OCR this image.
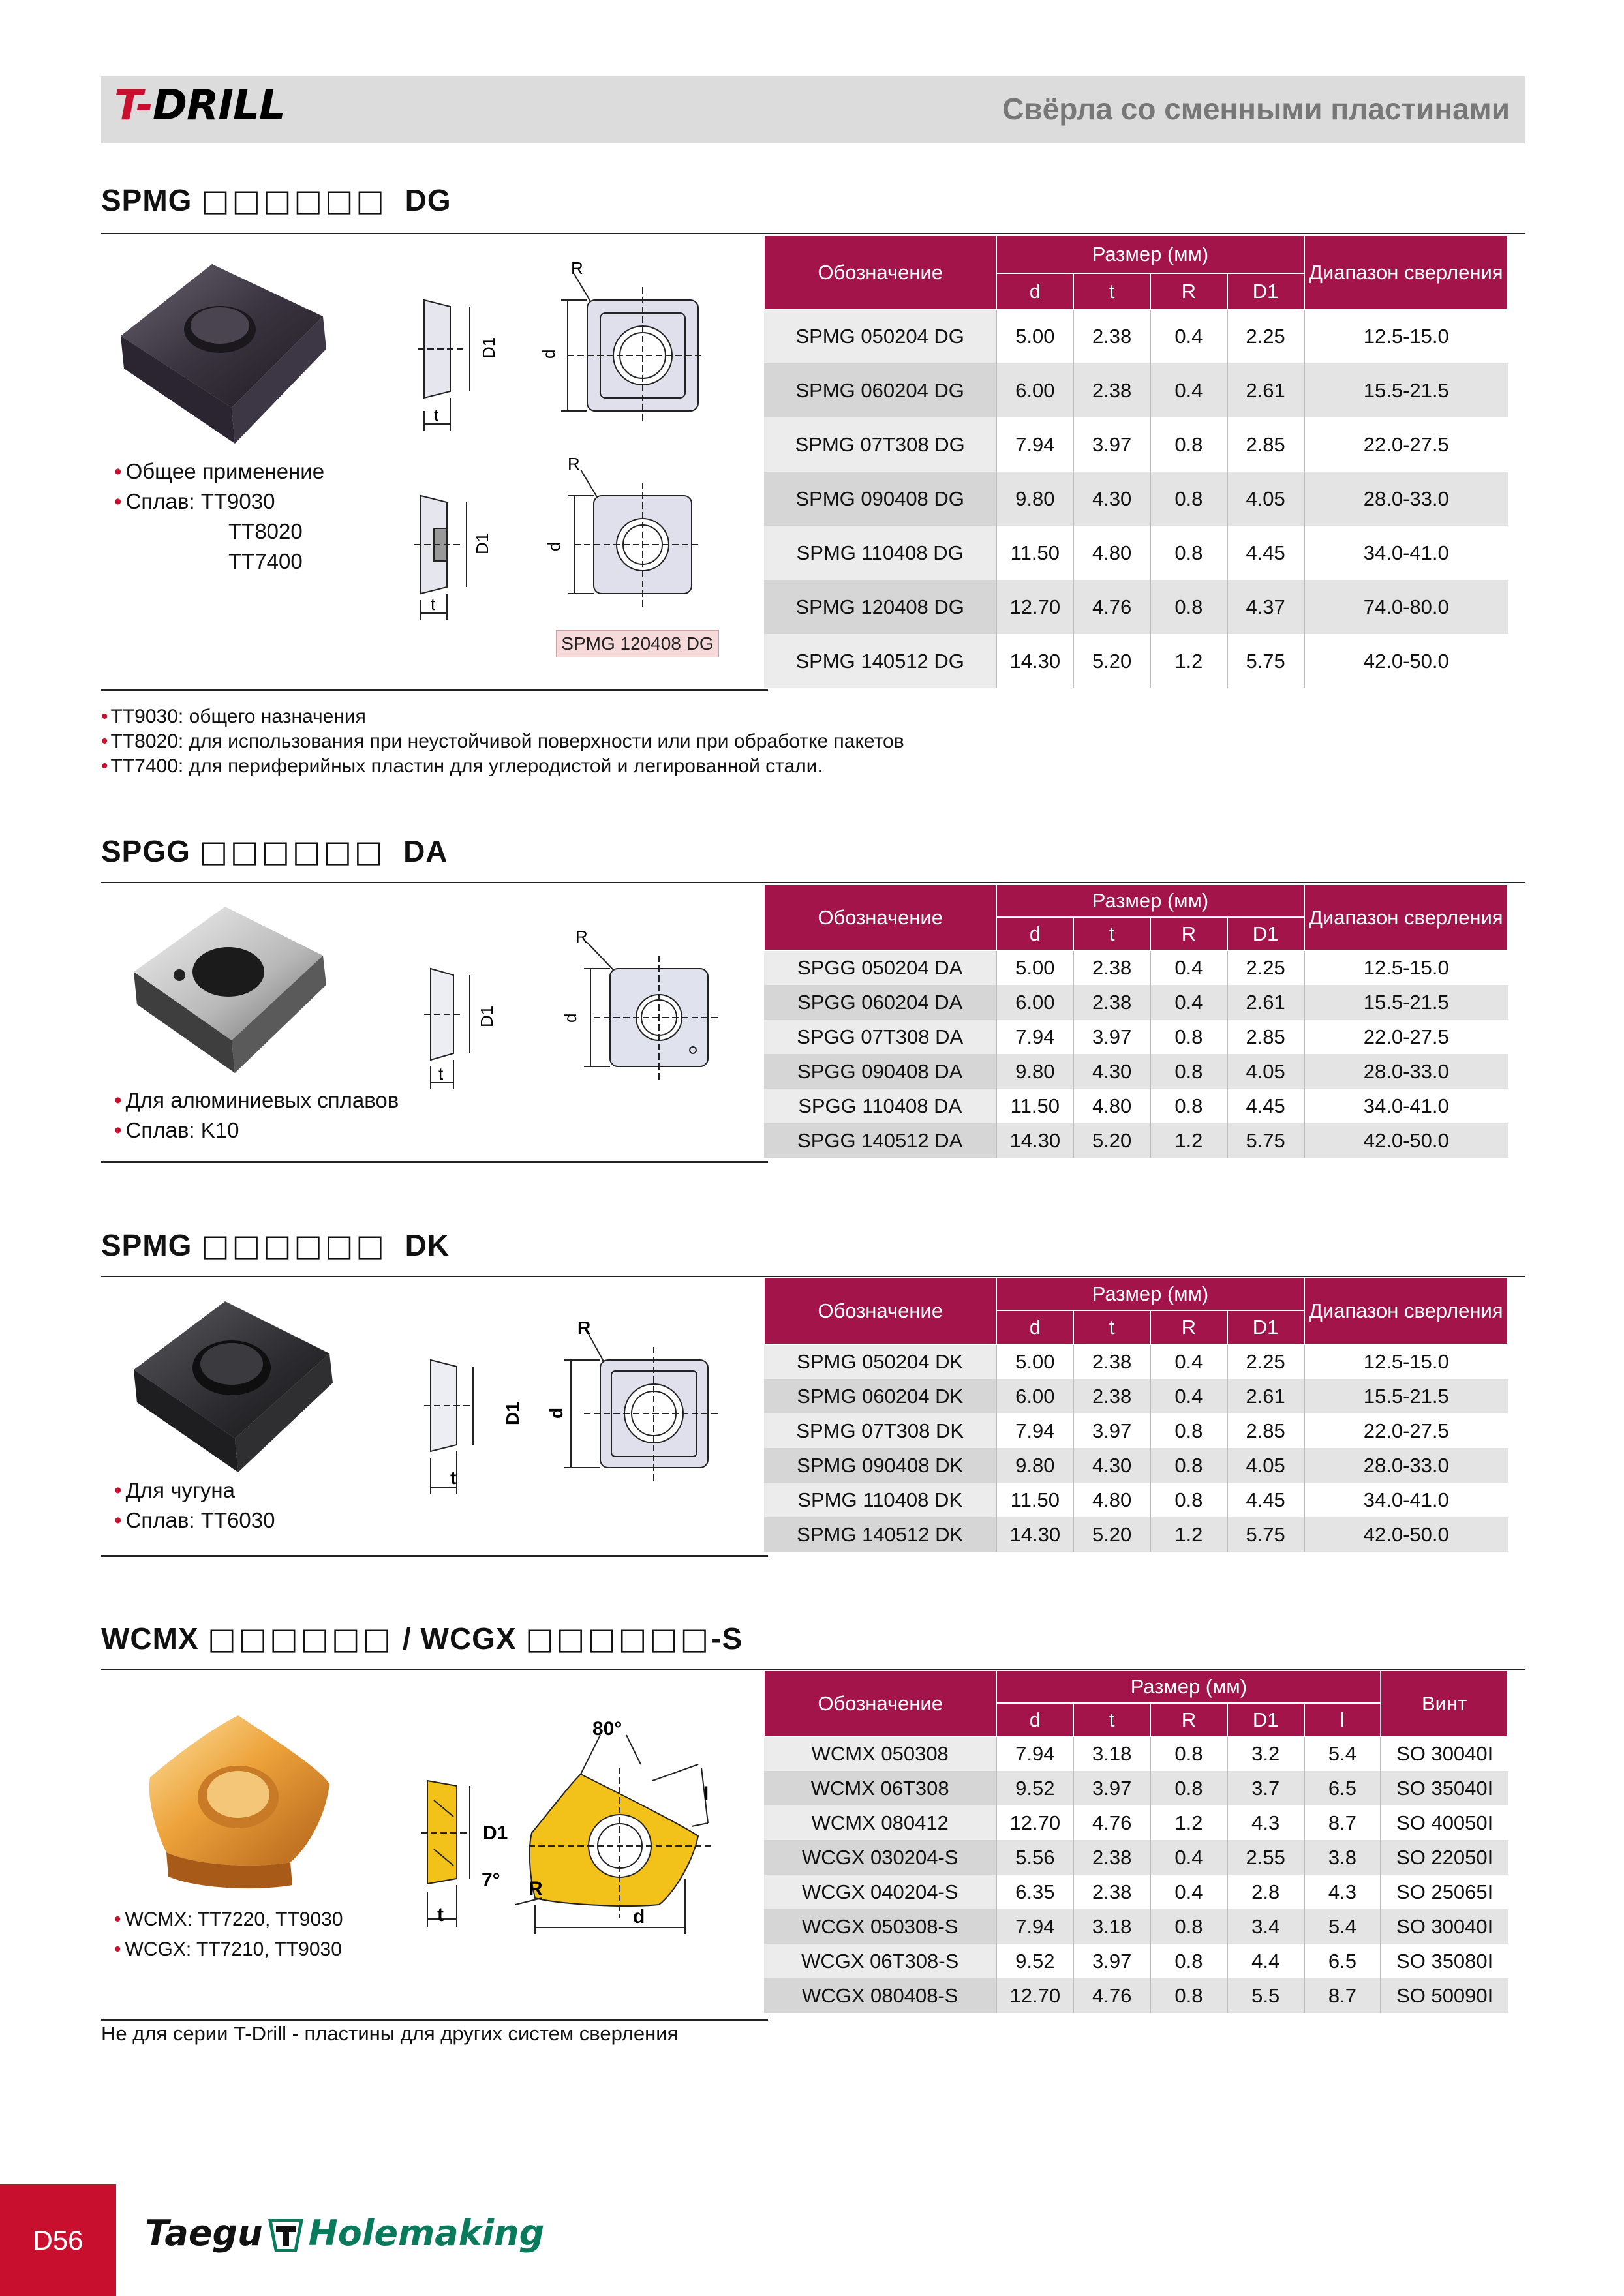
T-DRILL	Свёрла со сменными пластинами
SPMG □□□□□□ DG
R
d
D1
t
R
d
D1
t
SPMG 120408 DG
• Общее применение
• Сплав: TT9030
TT8020
TT7400
Обозначение	Размер (мм)				Диапазон сверления
	d	t	R	D1	
SPMG 050204 DG	5.00	2.38	0.4	2.25	12.5-15.0
SPMG 060204 DG	6.00	2.38	0.4	2.61	15.5-21.5
SPMG 07T308 DG	7.94	3.97	0.8	2.85	22.0-27.5
SPMG 090408 DG	9.80	4.30	0.8	4.05	28.0-33.0
SPMG 110408 DG	11.50	4.80	0.8	4.45	34.0-41.0
SPMG 120408 DG	12.70	4.76	0.8	4.37	74.0-80.0
SPMG 140512 DG	14.30	5.20	1.2	5.75	42.0-50.0
• TT9030: общего назначения
• TT8020: для использования при неустойчивой поверхности или при обработке пакетов
• TT7400: для периферийных пластин для углеродистой и легированной стали.
SPGG □□□□□□ DA
R
d
D1
t
• Для алюминиевых сплавов
• Сплав: K10
Обозначение	Размер (мм)				Диапазон сверления
	d	t	R	D1	
SPGG 050204 DA	5.00	2.38	0.4	2.25	12.5-15.0
SPGG 060204 DA	6.00	2.38	0.4	2.61	15.5-21.5
SPGG 07T308 DA	7.94	3.97	0.8	2.85	22.0-27.5
SPGG 090408 DA	9.80	4.30	0.8	4.05	28.0-33.0
SPGG 110408 DA	11.50	4.80	0.8	4.45	34.0-41.0
SPGG 140512 DA	14.30	5.20	1.2	5.75	42.0-50.0
SPMG □□□□□□ DK
R
d
D1
t
• Для чугуна
• Сплав: TT6030
Обозначение	Размер (мм)				Диапазон сверления
	d	t	R	D1	
SPMG 050204 DK	5.00	2.38	0.4	2.25	12.5-15.0
SPMG 060204 DK	6.00	2.38	0.4	2.61	15.5-21.5
SPMG 07T308 DK	7.94	3.97	0.8	2.85	22.0-27.5
SPMG 090408 DK	9.80	4.30	0.8	4.05	28.0-33.0
SPMG 110408 DK	11.50	4.80	0.8	4.45	34.0-41.0
SPMG 140512 DK	14.30	5.20	1.2	5.75	42.0-50.0
WCMX □□□□□□ / WCGX □□□□□□-S
80°
l
D1
7° R
t	d
• WCMX: TT7220, TT9030
• WCGX: TT7210, TT9030
Обозначение	Размер (мм)					Винт
	d	t	R	D1	l	
WCMX 050308	7.94	3.18	0.8	3.2	5.4	SO 30040I
WCMX 06T308	9.52	3.97	0.8	3.7	6.5	SO 35040I
WCMX 080412	12.70	4.76	1.2	4.3	8.7	SO 40050I
WCGX 030204-S	5.56	2.38	0.4	2.55	3.8	SO 22050I
WCGX 040204-S	6.35	2.38	0.4	2.8	4.3	SO 25065I
WCGX 050308-S	7.94	3.18	0.8	3.4	5.4	SO 30040I
WCGX 06T308-S	9.52	3.97	0.8	4.4	6.5	SO 35080I
WCGX 080408-S	12.70	4.76	0.8	5.5	8.7	SO 50090I
Не для серии T-Drill - пластины для других систем сверления
D56	Taegu Holemaking
